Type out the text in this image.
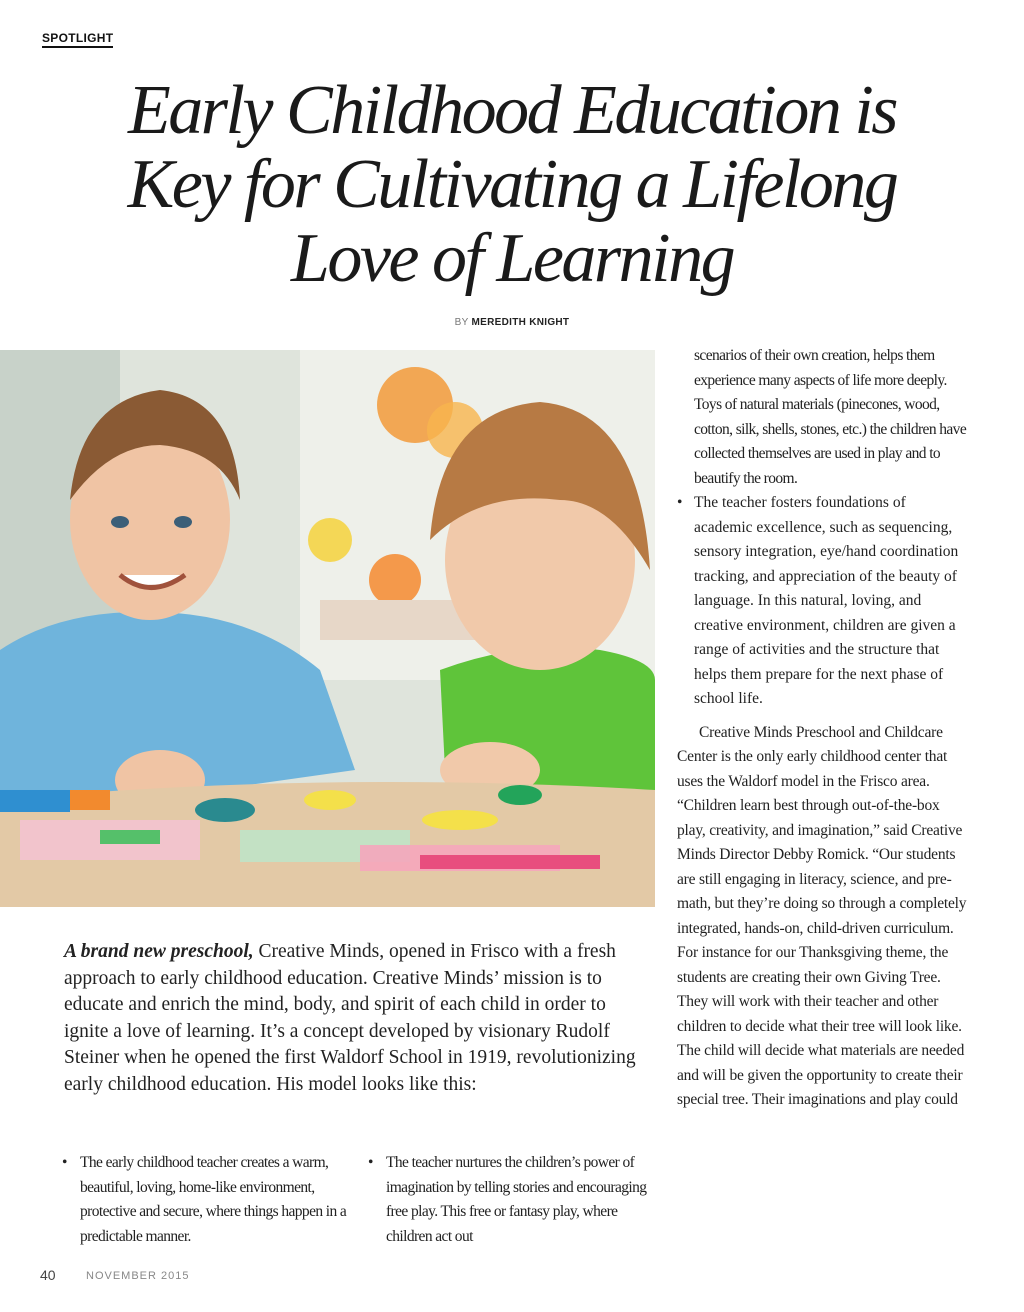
SPOTLIGHT
Early Childhood Education is
Key for Cultivating a Lifelong
Love of Learning
BY MEREDITH KNIGHT
A brand new preschool, Creative Minds, opened in Frisco with a fresh approach to early childhood education. Creative Minds’ mission is to educate and enrich the mind, body, and spirit of each child in order to ignite a love of learning. It’s a concept developed by visionary Rudolf Steiner when he opened the first Waldorf School in 1919, revolutionizing early childhood education. His model looks like this:
• The early childhood teacher creates a warm, beautiful, loving, home-like environment, protective and secure, where things happen in a predictable manner.
• The teacher nurtures the children’s power of imagination by telling stories and encouraging free play. This free or fantasy play, where children act out
scenarios of their own creation, helps them experience many aspects of life more deeply. Toys of natural materials (pinecones, wood, cotton, silk, shells, stones, etc.) the children have collected themselves are used in play and to beautify the room.
• The teacher fosters foundations of academic excellence, such as sequencing, sensory integration, eye/hand coordination tracking, and appreciation of the beauty of language. In this natural, loving, and creative environment, children are given a range of activities and the structure that helps them prepare for the next phase of school life.
Creative Minds Preschool and Childcare Center is the only early childhood center that uses the Waldorf model in the Frisco area. “Children learn best through out-of-the-box play, creativity, and imagination,” said Creative Minds Director Debby Romick. “Our students are still engaging in literacy, science, and pre-math, but they’re doing so through a completely integrated, hands-on, child-driven curriculum. For instance for our Thanksgiving theme, the students are creating their own Giving Tree. They will work with their teacher and other children to decide what their tree will look like. The child will decide what materials are needed and will be given the opportunity to create their special tree. Their imaginations and play could
40	NOVEMBER 2015
